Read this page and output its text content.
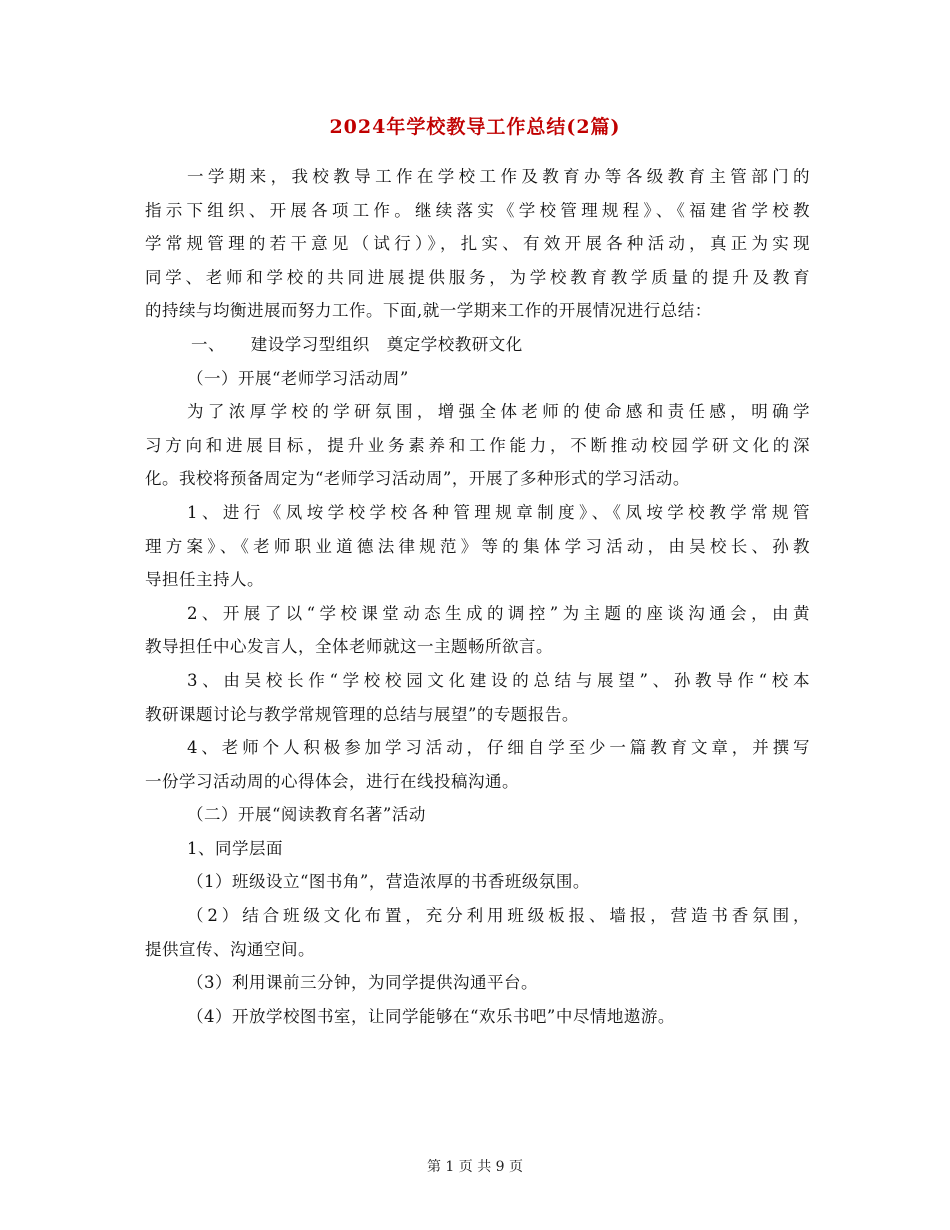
2024年学校教导工作总结(2篇)
一学期来，我校教导工作在学校工作及教育办等各级教育主管部门的
指示下组织、开展各项工作。继续落实《学校管理规程》、《福建省学校教
学常规管理的若干意见（试行）》，扎实、有效开展各种活动，真正为实现
同学、老师和学校的共同进展提供服务，为学校教育教学质量的提升及教育
的持续与均衡进展而努力工作。下面,就一学期来工作的开展情况进行总结：
一、　　建设学习型组织　奠定学校教研文化
（一）开展“老师学习活动周”
为了浓厚学校的学研氛围，增强全体老师的使命感和责任感，明确学
习方向和进展目标，提升业务素养和工作能力，不断推动校园学研文化的深
化。我校将预备周定为“老师学习活动周”，开展了多种形式的学习活动。
1、进行《凤垵学校学校各种管理规章制度》、《凤垵学校教学常规管
理方案》、《老师职业道德法律规范》等的集体学习活动，由吴校长、孙教
导担任主持人。
2、开展了以“学校课堂动态生成的调控”为主题的座谈沟通会，由黄
教导担任中心发言人，全体老师就这一主题畅所欲言。
3、由吴校长作“学校校园文化建设的总结与展望”、孙教导作“校本
教研课题讨论与教学常规管理的总结与展望”的专题报告。
4、老师个人积极参加学习活动，仔细自学至少一篇教育文章，并撰写
一份学习活动周的心得体会，进行在线投稿沟通。
（二）开展“阅读教育名著”活动
1、同学层面
（1）班级设立“图书角”，营造浓厚的书香班级氛围。
（2）结合班级文化布置，充分利用班级板报、墙报，营造书香氛围，
提供宣传、沟通空间。
（3）利用课前三分钟，为同学提供沟通平台。
（4）开放学校图书室，让同学能够在“欢乐书吧”中尽情地遨游。
第 1 页 共 9 页
